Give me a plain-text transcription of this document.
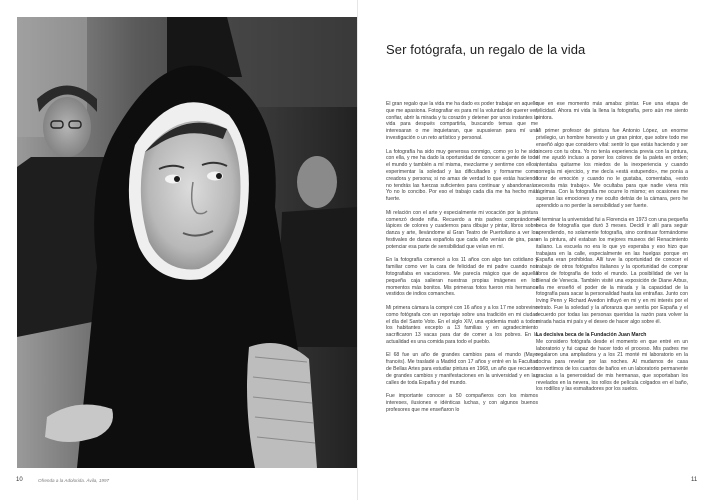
Ser fotógrafa, un regalo de la vida

El gran regalo que la vida me ha dado es poder trabajar en aquello que me apasiona. Fotografiar es para mí la voluntad de querer ver, confiar, abrir la mirada y tu corazón y detener por unos instantes la vida para después compartirla, buscando temas que me interesaran o me inquietaran, que supusieran para mí una investigación o un reto artístico y personal.

La fotografía ha sido muy generosa conmigo, como yo lo he sido con ella, y me ha dado la oportunidad de conocer a gente de todo el mundo y también a mí misma, mezclarme y sentirme con ellos, experimentar la soledad y las dificultades y formarme como creadora y persona; si no amas de verdad lo que estás haciendo no tendrás las fuerzas suficientes para continuar y abandonarás. Yo no lo concibo. Por eso el trabajo cada día me ha hecho más fuerte.

Mi relación con el arte y especialmente mi vocación por la pintura comenzó desde niña. Recuerdo a mis padres comprándome lápices de colores y cuadernos para dibujar y pintar, libros sobre danza y arte, llevándome al Gran Teatro de Puertollano a ver los festivales de danza española que cada año venían de gira, para potenciar esa parte de sensibilidad que veían en mí.

En la fotografía comencé a los 11 años con algo tan cotidiano y familiar como ver la cara de felicidad de mi padre cuando nos fotografiaba en vacaciones. Me parecía mágico que de aquella pequeña caja salieran nuestras propias imágenes en los momentos más bonitos. Mis primeras fotos fueron mis hermanos vestidos de indios comanches.

Mi primera cámara la compré con 16 años y a los 17 me sobrevino como fotógrafa con un reportaje sobre una tradición en mi ciudad el día del Santo Voto. En el siglo XIV, una epidemia mató a todos los habitantes excepto a 13 familias y en agradecimiento sacrificaron 13 vacas para dar de comer a los pobres. En la actualidad es una comida para todo el pueblo.

El 68 fue un año de grandes cambios para el mundo (Mayo francés). Me trasladé a Madrid con 17 años y entré en la Facultad de Bellas Artes para estudiar pintura en 1968, un año que recuerdo de grandes cambios y manifestaciones en la universidad y en las calles de toda España y del mundo.

Fue importante conocer a 50 compañeros con los mismos intereses, ilusiones e idénticas luchas, y con algunos buenos profesores que me enseñaron lo

que en ese momento más amaba: pintar. Fue una etapa de felicidad. Ahora mi vida la llena la fotografía, pero aún me siento pintora.

Mi primer profesor de pintura fue Antonio López, un enorme privilegio, un hombre honesto y un gran pintor, que sobre todo me enseñó algo que considero vital: sentir lo que estás haciendo y ser sincero con tu obra. Yo no tenía experiencia previa con la pintura, él me ayudó incluso a poner los colores de la paleta en orden; intentaba quitarme los miedos de la inexperiencia y cuando corregía mi ejercicio, y me decía «está estupendo», me ponía a llorar de emoción y cuando no le gustaba, comentaba, «esto necesita más trabajo». Me ocultaba para que nadie viera mis lágrimas. Con la fotografía me ocurre lo mismo; en ocasiones me superan las emociones y me oculto detrás de la cámara, pero he aprendido a no perder la sensibilidad y ser fuerte.

Al terminar la universidad fui a Florencia en 1973 con una pequeña beca de fotografía que duró 3 meses. Decidí ir allí para seguir aprendiendo, no solamente fotografía, sino continuar formándome en la pintura, ahí estaban los mejores museos del Renacimiento italiano. La escuela no era lo que yo esperaba y eso hizo que trabajara en la calle, especialmente en las huelgas porque en España eran prohibidas. Allí tuve la oportunidad de conocer el trabajo de otros fotógrafos italianos y la oportunidad de comprar libros de fotografía de todo el mundo. La posibilidad de ver la Bienal de Venecia. También visité una exposición de Diane Arbus, ella me enseñó el poder de la mirada y la capacidad de la fotografía para sacar la personalidad hasta las entrañas. Junto con Irving Penn y Richard Avedon influyó en mi y en mi interés por el retrato. Fue la soledad y la añoranza que sentía por España y el recuerdo por todas las personas queridas la razón para volver la mirada hacia mi país y el deseo de hacer algo sobre él.

La decisiva beca de la Fundación Juan March

Me considero fotógrafa desde el momento en que entré en un laboratorio y fui capaz de hacer todo el proceso. Mis padres me regalaron una ampliadora y a los 21 monté mi laboratorio en la cocina para revelar por las noches. Al mudarnos de casa convertimos de los cuartos de baños en un laboratorio permanente gracias a la generosidad de mis hermanas, que soportaban los revelados en la nevera, los rollos de película colgados en el baño, los rodillos y las esmaltadores por los suelos.

10	Ofrenda a la Adolorida. Ávila, 1997	11
